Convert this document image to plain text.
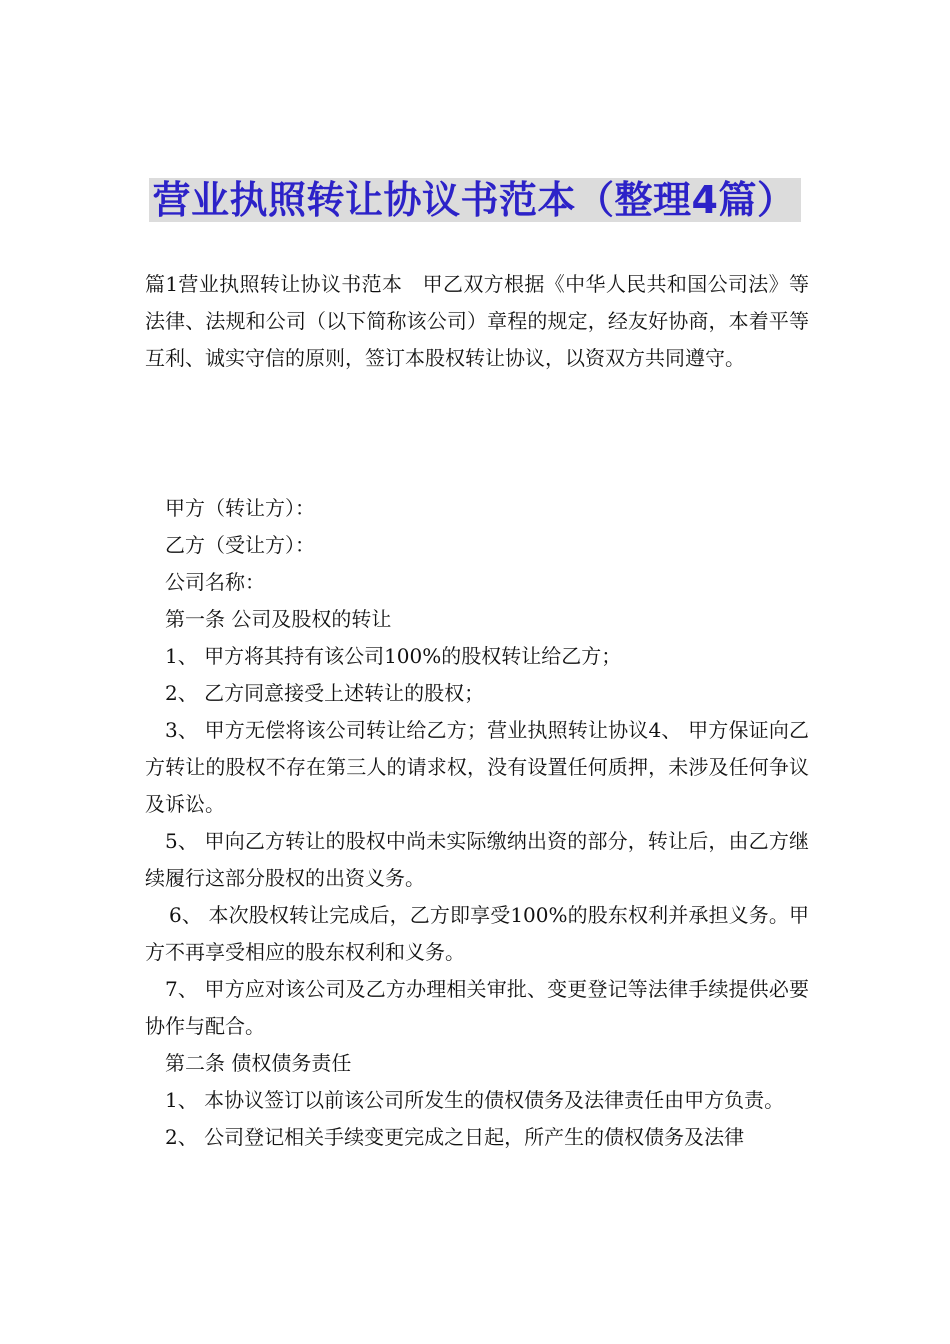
营业执照转让协议书范本（整理4篇）

篇1营业执照转让协议书范本　甲乙双方根据《中华人民共和国公司法》等法律、法规和公司（以下简称该公司）章程的规定，经友好协商，本着平等互利、诚实守信的原则，签订本股权转让协议，以资双方共同遵守。

甲方（转让方）：

乙方（受让方）：

公司名称：

第一条 公司及股权的转让

1、 甲方将其持有该公司100%的股权转让给乙方；

2、 乙方同意接受上述转让的股权；

3、 甲方无偿将该公司转让给乙方；营业执照转让协议4、 甲方保证向乙方转让的股权不存在第三人的请求权，没有设置任何质押，未涉及任何争议及诉讼。

5、 甲向乙方转让的股权中尚未实际缴纳出资的部分，转让后，由乙方继续履行这部分股权的出资义务。

6、 本次股权转让完成后，乙方即享受100%的股东权利并承担义务。甲方不再享受相应的股东权利和义务。

7、 甲方应对该公司及乙方办理相关审批、变更登记等法律手续提供必要协作与配合。

第二条 债权债务责任

1、 本协议签订以前该公司所发生的债权债务及法律责任由甲方负责。

2、 公司登记相关手续变更完成之日起，所产生的债权债务及法律
